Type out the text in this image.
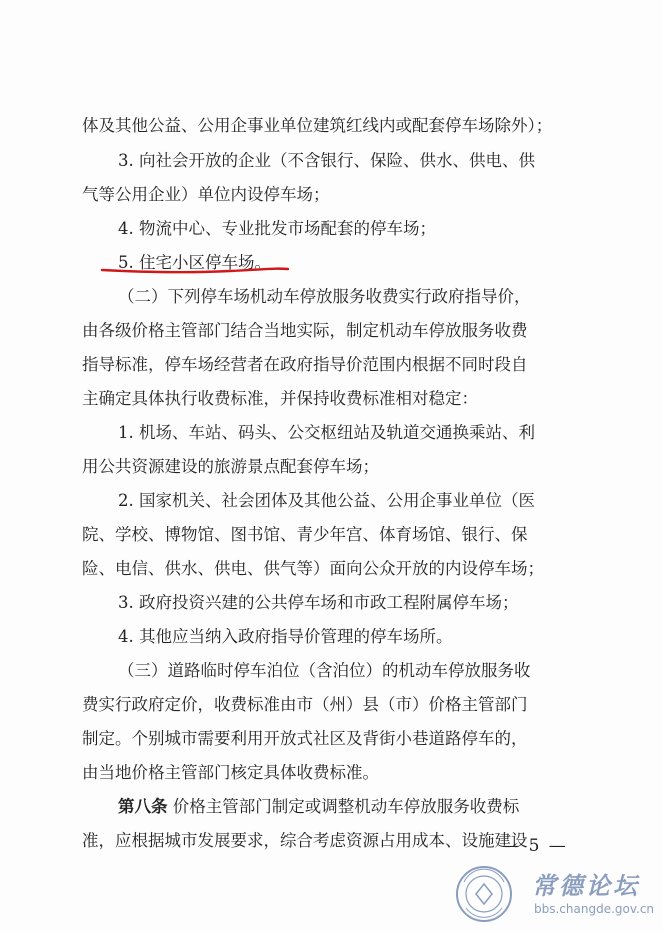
体及其他公益、公用企事业单位建筑红线内或配套停车场除外）；
3. 向社会开放的企业（不含银行、保险、供水、供电、供
气等公用企业）单位内设停车场；
4. 物流中心、专业批发市场配套的停车场；
5. 住宅小区停车场。
（二）下列停车场机动车停放服务收费实行政府指导价，
由各级价格主管部门结合当地实际，制定机动车停放服务收费
指导标准，停车场经营者在政府指导价范围内根据不同时段自
主确定具体执行收费标准，并保持收费标准相对稳定：
1. 机场、车站、码头、公交枢纽站及轨道交通换乘站、利
用公共资源建设的旅游景点配套停车场；
2. 国家机关、社会团体及其他公益、公用企事业单位（医
院、学校、博物馆、图书馆、青少年宫、体育场馆、银行、保
险、电信、供水、供电、供气等）面向公众开放的内设停车场；
3. 政府投资兴建的公共停车场和市政工程附属停车场；
4. 其他应当纳入政府指导价管理的停车场所。
（三）道路临时停车泊位（含泊位）的机动车停放服务收
费实行政府定价，收费标准由市（州）县（市）价格主管部门
制定。个别城市需要利用开放式社区及背街小巷道路停车的，
由当地价格主管部门核定具体收费标准。
第八条 价格主管部门制定或调整机动车停放服务收费标
准，应根据城市发展要求，综合考虑资源占用成本、设施建设
— 5 —
常德论坛
bbs.changde.gov.cn
